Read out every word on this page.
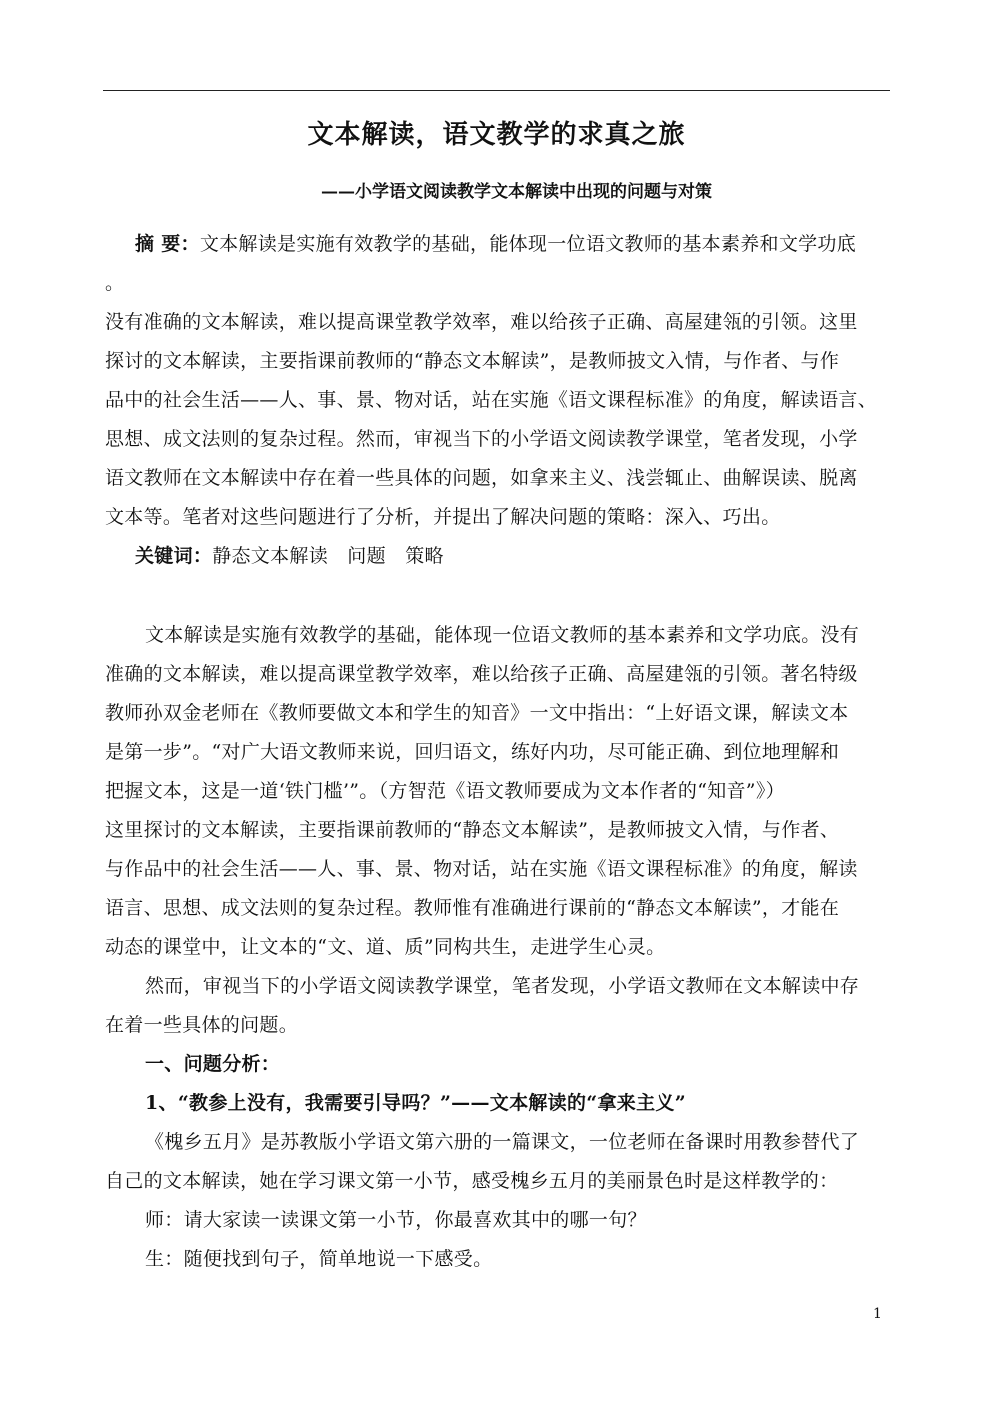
文本解读，语文教学的求真之旅
——小学语文阅读教学文本解读中出现的问题与对策
摘 要：文本解读是实施有效教学的基础，能体现一位语文教师的基本素养和文学功底
。
没有准确的文本解读，难以提高课堂教学效率，难以给孩子正确、高屋建瓴的引领。这里
探讨的文本解读，主要指课前教师的“静态文本解读”，是教师披文入情，与作者、与作
品中的社会生活——人、事、景、物对话，站在实施《语文课程标准》的角度，解读语言、
思想、成文法则的复杂过程。然而，审视当下的小学语文阅读教学课堂，笔者发现，小学
语文教师在文本解读中存在着一些具体的问题，如拿来主义、浅尝辄止、曲解误读、脱离
文本等。笔者对这些问题进行了分析，并提出了解决问题的策略：深入、巧出。
关键词：静态文本解读　问题　策略
文本解读是实施有效教学的基础，能体现一位语文教师的基本素养和文学功底。没有
准确的文本解读，难以提高课堂教学效率，难以给孩子正确、高屋建瓴的引领。著名特级
教师孙双金老师在《教师要做文本和学生的知音》一文中指出：“上好语文课，解读文本
是第一步”。“对广大语文教师来说，回归语文，练好内功，尽可能正确、到位地理解和
把握文本，这是一道‘铁门槛’”。（方智范《语文教师要成为文本作者的“知音”》）
这里探讨的文本解读，主要指课前教师的“静态文本解读”，是教师披文入情，与作者、
与作品中的社会生活——人、事、景、物对话，站在实施《语文课程标准》的角度，解读
语言、思想、成文法则的复杂过程。教师惟有准确进行课前的“静态文本解读”，才能在
动态的课堂中，让文本的“文、道、质”同构共生，走进学生心灵。
然而，审视当下的小学语文阅读教学课堂，笔者发现，小学语文教师在文本解读中存
在着一些具体的问题。
一、问题分析：
1、“教参上没有，我需要引导吗？”——文本解读的“拿来主义”
《槐乡五月》是苏教版小学语文第六册的一篇课文，一位老师在备课时用教参替代了
自己的文本解读，她在学习课文第一小节，感受槐乡五月的美丽景色时是这样教学的：
师：请大家读一读课文第一小节，你最喜欢其中的哪一句？
生：随便找到句子，简单地说一下感受。
1
